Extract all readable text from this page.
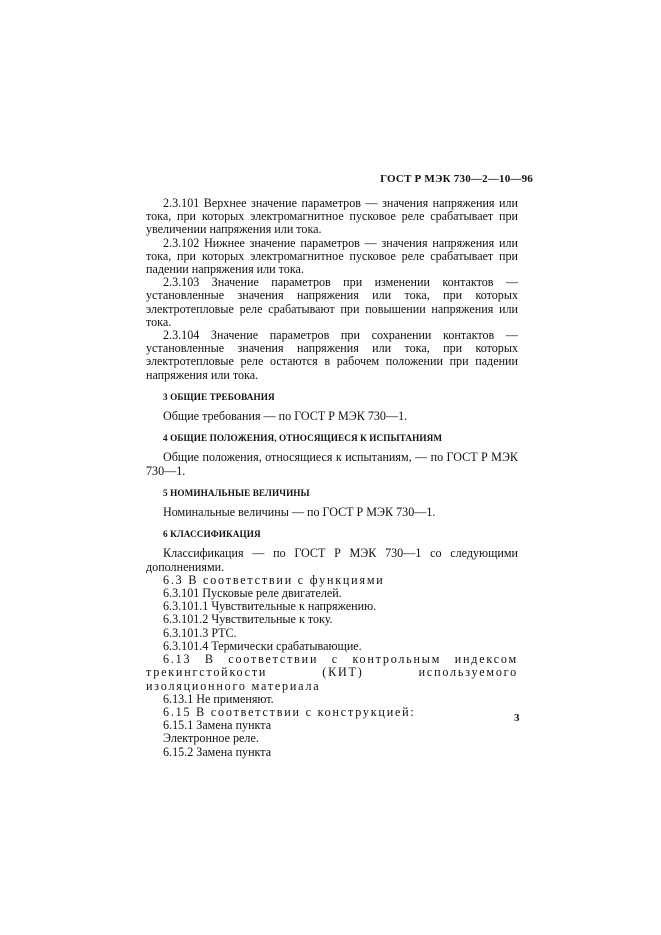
ГОСТ Р МЭК 730—2—10—96

2.3.101 Верхнее значение параметров — значения напряжения или тока, при которых электромагнитное пусковое реле срабатывает при увеличении напряжения или тока.

2.3.102 Нижнее значение параметров — значения напряжения или тока, при которых электромагнитное пусковое реле срабатывает при падении напряжения или тока.

2.3.103 Значение параметров при изменении контактов — установленные значения напряжения или тока, при которых электротепловые реле срабатывают при повышении напряжения или тока.

2.3.104 Значение параметров при сохранении контактов — установленные значения напряжения или тока, при которых электротепловые реле остаются в рабочем положении при падении напряжения или тока.

3 ОБЩИЕ ТРЕБОВАНИЯ

Общие требования — по ГОСТ Р МЭК 730—1.

4 ОБЩИЕ ПОЛОЖЕНИЯ, ОТНОСЯЩИЕСЯ К ИСПЫТАНИЯМ

Общие положения, относящиеся к испытаниям, — по ГОСТ Р МЭК 730—1.

5 НОМИНАЛЬНЫЕ ВЕЛИЧИНЫ

Номинальные величины — по ГОСТ Р МЭК 730—1.

6 КЛАССИФИКАЦИЯ

Классификация — по ГОСТ Р МЭК 730—1 со следующими дополнениями.

6.3 В соответствии с функциями

6.3.101 Пусковые реле двигателей.
6.3.101.1 Чувствительные к напряжению.
6.3.101.2 Чувствительные к току.
6.3.101.3 PTC.
6.3.101.4 Термически срабатывающие.

6.13 В соответствии с контрольным индексом трекингстойкости (КИТ) используемого изоляционного материала

6.13.1 Не применяют.
6.15 В соответствии с конструкцией:
6.15.1 Замена пункта
Электронное реле.
6.15.2 Замена пункта
3
